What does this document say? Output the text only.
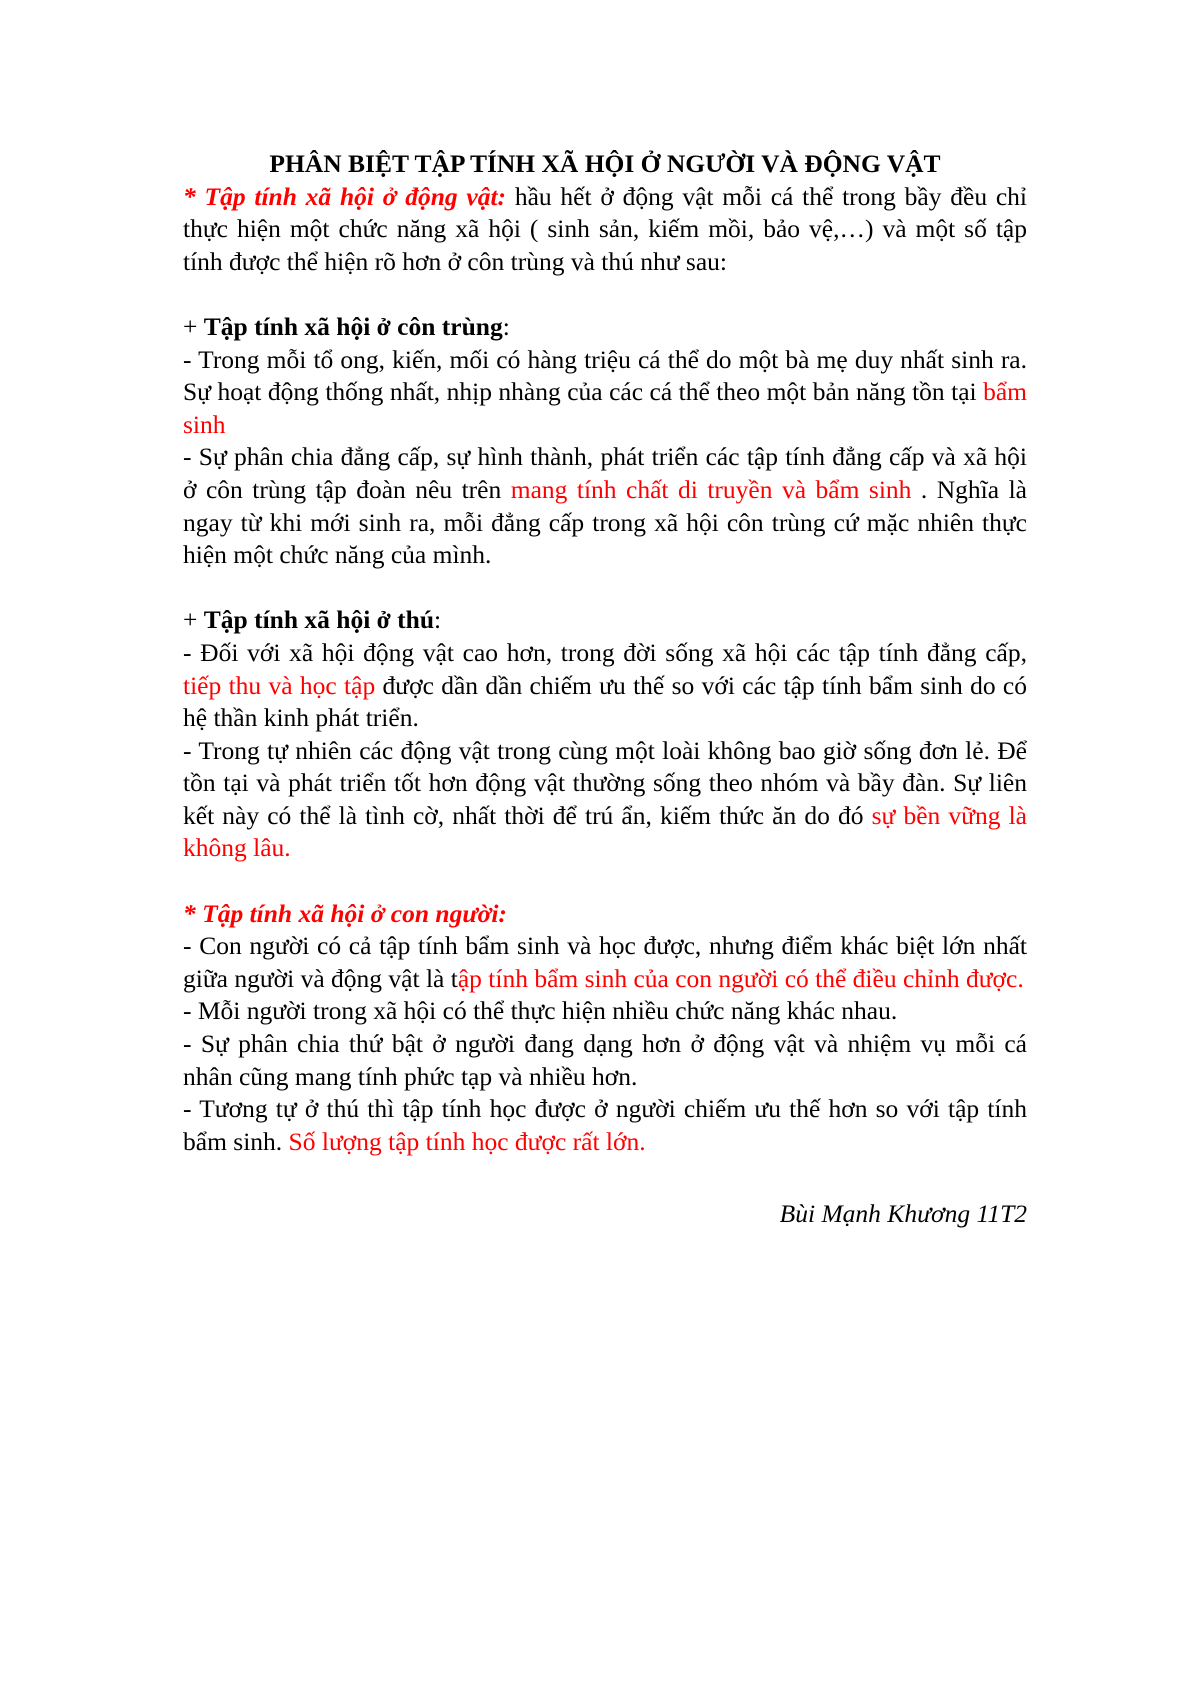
PHÂN BIỆT TẬP TÍNH XÃ HỘI Ở NGƯỜI VÀ ĐỘNG VẬT

* Tập tính xã hội ở động vật: hầu hết ở động vật mỗi cá thể trong bầy đều chỉ thực hiện một chức năng xã hội ( sinh sản, kiếm mồi, bảo vệ,…) và một số tập tính được thể hiện rõ hơn ở côn trùng và thú như sau:

+ Tập tính xã hội ở côn trùng:

- Trong mỗi tổ ong, kiến, mối có hàng triệu cá thể do một bà mẹ duy nhất sinh ra. Sự hoạt động thống nhất, nhịp nhàng của các cá thể theo một bản năng tồn tại bẩm sinh

- Sự phân chia đẳng cấp, sự hình thành, phát triển các tập tính đẳng cấp và xã hội ở côn trùng tập đoàn nêu trên mang tính chất di truyền và bẩm sinh . Nghĩa là ngay từ khi mới sinh ra, mỗi đẳng cấp trong xã hội côn trùng cứ mặc nhiên thực hiện một chức năng của mình.

+ Tập tính xã hội ở thú:

- Đối với xã hội động vật cao hơn, trong đời sống xã hội các tập tính đẳng cấp, tiếp thu và học tập được dần dần chiếm ưu thế so với các tập tính bẩm sinh do có hệ thần kinh phát triển.

- Trong tự nhiên các động vật trong cùng một loài không bao giờ sống đơn lẻ. Để tồn tại và phát triển tốt hơn động vật thường sống theo nhóm và bầy đàn. Sự liên kết này có thể là tình cờ, nhất thời để trú ẩn, kiếm thức ăn do đó sự bền vững là không lâu.

* Tập tính xã hội ở con người:

- Con người có cả tập tính bẩm sinh và học được, nhưng điểm khác biệt lớn nhất giữa người và động vật là tập tính bẩm sinh của con người có thể điều chỉnh được.

- Mỗi người trong xã hội có thể thực hiện nhiều chức năng khác nhau.

- Sự phân chia thứ bật ở người đang dạng hơn ở động vật và nhiệm vụ mỗi cá nhân cũng mang tính phức tạp và nhiều hơn.

- Tương tự ở thú thì tập tính học được ở người chiếm ưu thế hơn so với tập tính bẩm sinh. Số lượng tập tính học được rất lớn.

Bùi Mạnh Khương 11T2
